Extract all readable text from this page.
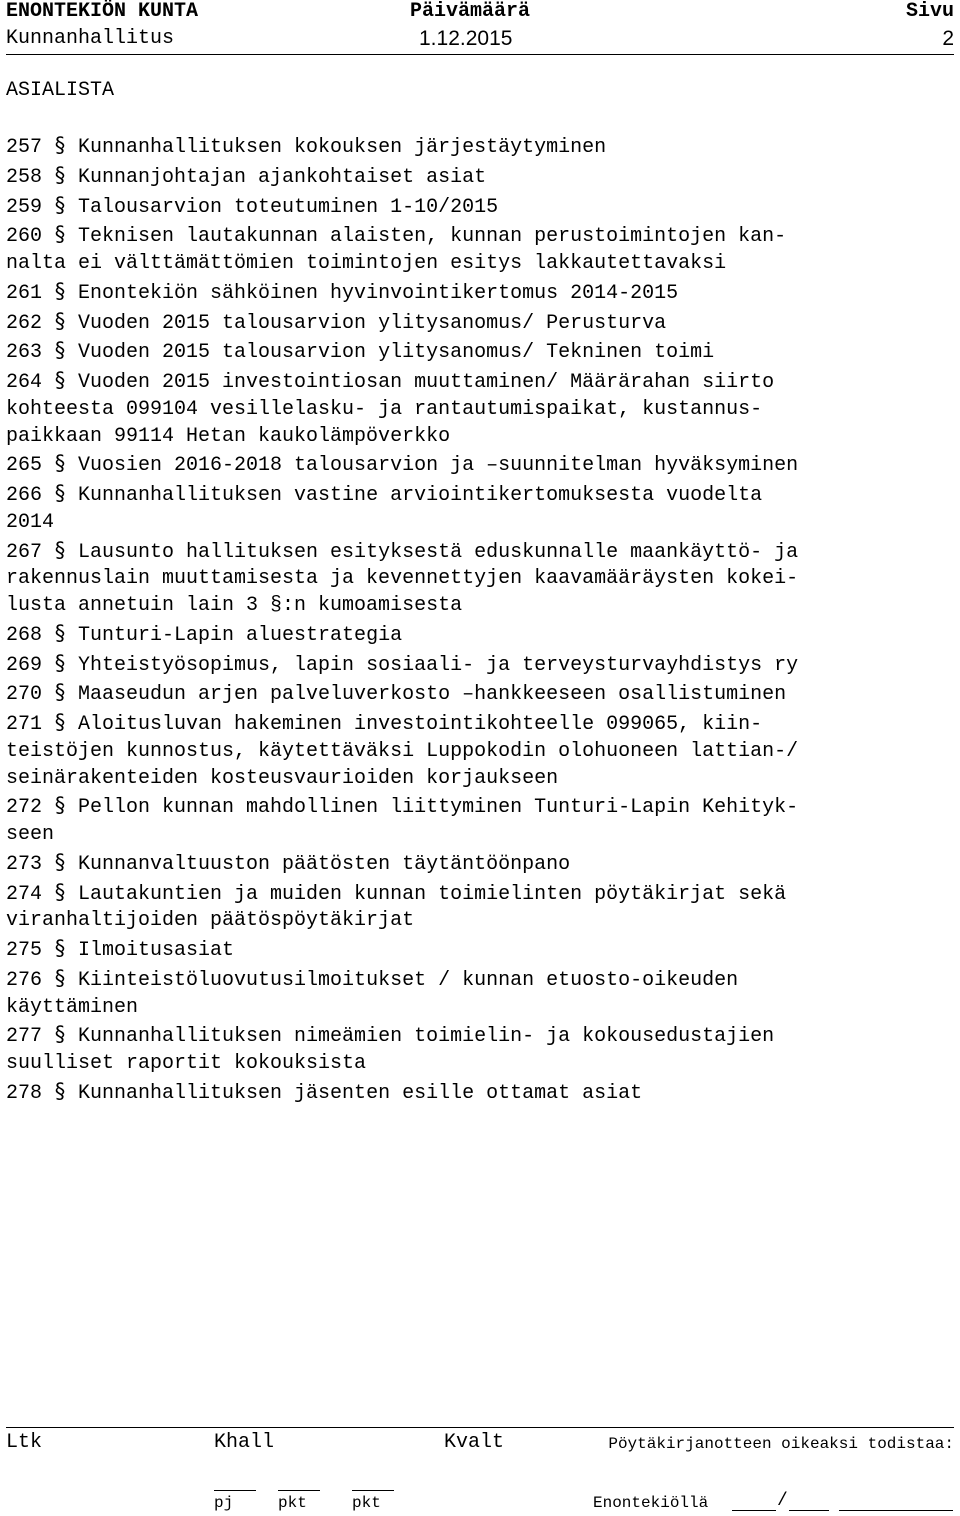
ENONTEKIÖN KUNTA	Päivämäärä	Sivu
Kunnanhallitus	1.12.2015	2
ASIALISTA
257 § Kunnanhallituksen kokouksen järjestäytyminen
258 § Kunnanjohtajan ajankohtaiset asiat
259 § Talousarvion toteutuminen 1-10/2015
260 § Teknisen lautakunnan alaisten, kunnan perustoimintojen kan-
nalta ei välttämättömien toimintojen esitys lakkautettavaksi
261 § Enontekiön sähköinen hyvinvointikertomus 2014-2015
262 § Vuoden 2015 talousarvion ylitysanomus/ Perusturva
263 § Vuoden 2015 talousarvion ylitysanomus/ Tekninen toimi
264 § Vuoden 2015 investointiosan muuttaminen/ Määrärahan siirto
kohteesta 099104 vesillelasku- ja rantautumispaikat, kustannus-
paikkaan 99114 Hetan kaukolämpöverkko
265 § Vuosien 2016-2018 talousarvion ja –suunnitelman hyväksyminen
266 § Kunnanhallituksen vastine arviointikertomuksesta vuodelta
2014
267 § Lausunto hallituksen esityksestä eduskunnalle maankäyttö- ja
rakennuslain muuttamisesta ja kevennettyjen kaavamääräysten kokei-
lusta annetuin lain 3 §:n kumoamisesta
268 § Tunturi-Lapin aluestrategia
269 § Yhteistyösopimus, lapin sosiaali- ja terveysturvayhdistys ry
270 § Maaseudun arjen palveluverkosto –hankkeeseen osallistuminen
271 § Aloitusluvan hakeminen investointikohteelle 099065, kiin-
teistöjen kunnostus, käytettäväksi Luppokodin olohuoneen lattian-/
seinärakenteiden kosteusvaurioiden korjaukseen
272 § Pellon kunnan mahdollinen liittyminen Tunturi-Lapin Kehityk-
seen
273 § Kunnanvaltuuston päätösten täytäntöönpano
274 § Lautakuntien ja muiden kunnan toimielinten pöytäkirjat sekä
viranhaltijoiden päätöspöytäkirjat
275 § Ilmoitusasiat
276 § Kiinteistöluovutusilmoitukset / kunnan etuosto-oikeuden
käyttäminen
277 § Kunnanhallituksen nimeämien toimielin- ja kokousedustajien
suulliset raportit kokouksista
278 § Kunnanhallituksen jäsenten esille ottamat asiat
Ltk	Khall	Kvalt	Pöytäkirjanotteen oikeaksi todistaa:
pj	pkt	pkt	Enontekiöllä	/
